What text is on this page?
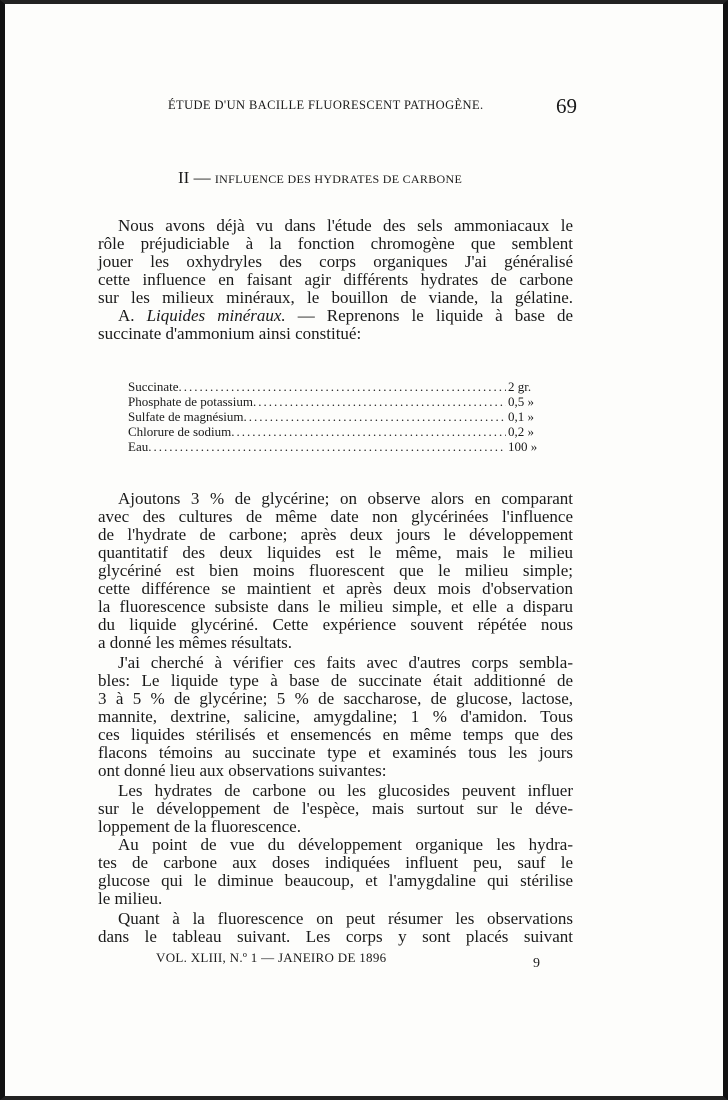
ÉTUDE D'UN BACILLE FLUORESCENT PATHOGÈNE.	69
II — INFLUENCE DES HYDRATES DE CARBONE
Nous avons déjà vu dans l'étude des sels ammoniacaux le
rôle préjudiciable à la fonction chromogène que semblent
jouer les oxhydryles des corps organiques J'ai généralisé
cette influence en faisant agir différents hydrates de carbone
sur les milieux minéraux, le bouillon de viande, la gélatine.
A. Liquides minéraux. — Reprenons le liquide à base de
succinate d'ammonium ainsi constitué:
Succinate .....	2 gr.
Phosphate de potassium .....	0,5 »
Sulfate de magnésium .....	0,1 »
Chlorure de sodium .....	0,2 »
Eau .....	100 »
Ajoutons 3 % de glycérine; on observe alors en comparant
avec des cultures de même date non glycérinées l'influence
de l'hydrate de carbone; après deux jours le développement
quantitatif des deux liquides est le même, mais le milieu
glycériné est bien moins fluorescent que le milieu simple;
cette différence se maintient et après deux mois d'observation
la fluorescence subsiste dans le milieu simple, et elle a disparu
du liquide glycériné. Cette expérience souvent répétée nous
a donné les mêmes résultats.
J'ai cherché à vérifier ces faits avec d'autres corps sembla-
bles: Le liquide type à base de succinate était additionné de
3 à 5 % de glycérine; 5 % de saccharose, de glucose, lactose,
mannite, dextrine, salicine, amygdaline; 1 % d'amidon. Tous
ces liquides stérilisés et ensemencés en même temps que des
flacons témoins au succinate type et examinés tous les jours
ont donné lieu aux observations suivantes:
Les hydrates de carbone ou les glucosides peuvent influer
sur le développement de l'espèce, mais surtout sur le déve-
loppement de la fluorescence.
Au point de vue du développement organique les hydra-
tes de carbone aux doses indiquées influent peu, sauf le
glucose qui le diminue beaucoup, et l'amygdaline qui stérilise
le milieu.
Quant à la fluorescence on peut résumer les observations
dans le tableau suivant. Les corps y sont placés suivant
VOL. XLIII, N.º 1 — JANEIRO DE 1896	9
